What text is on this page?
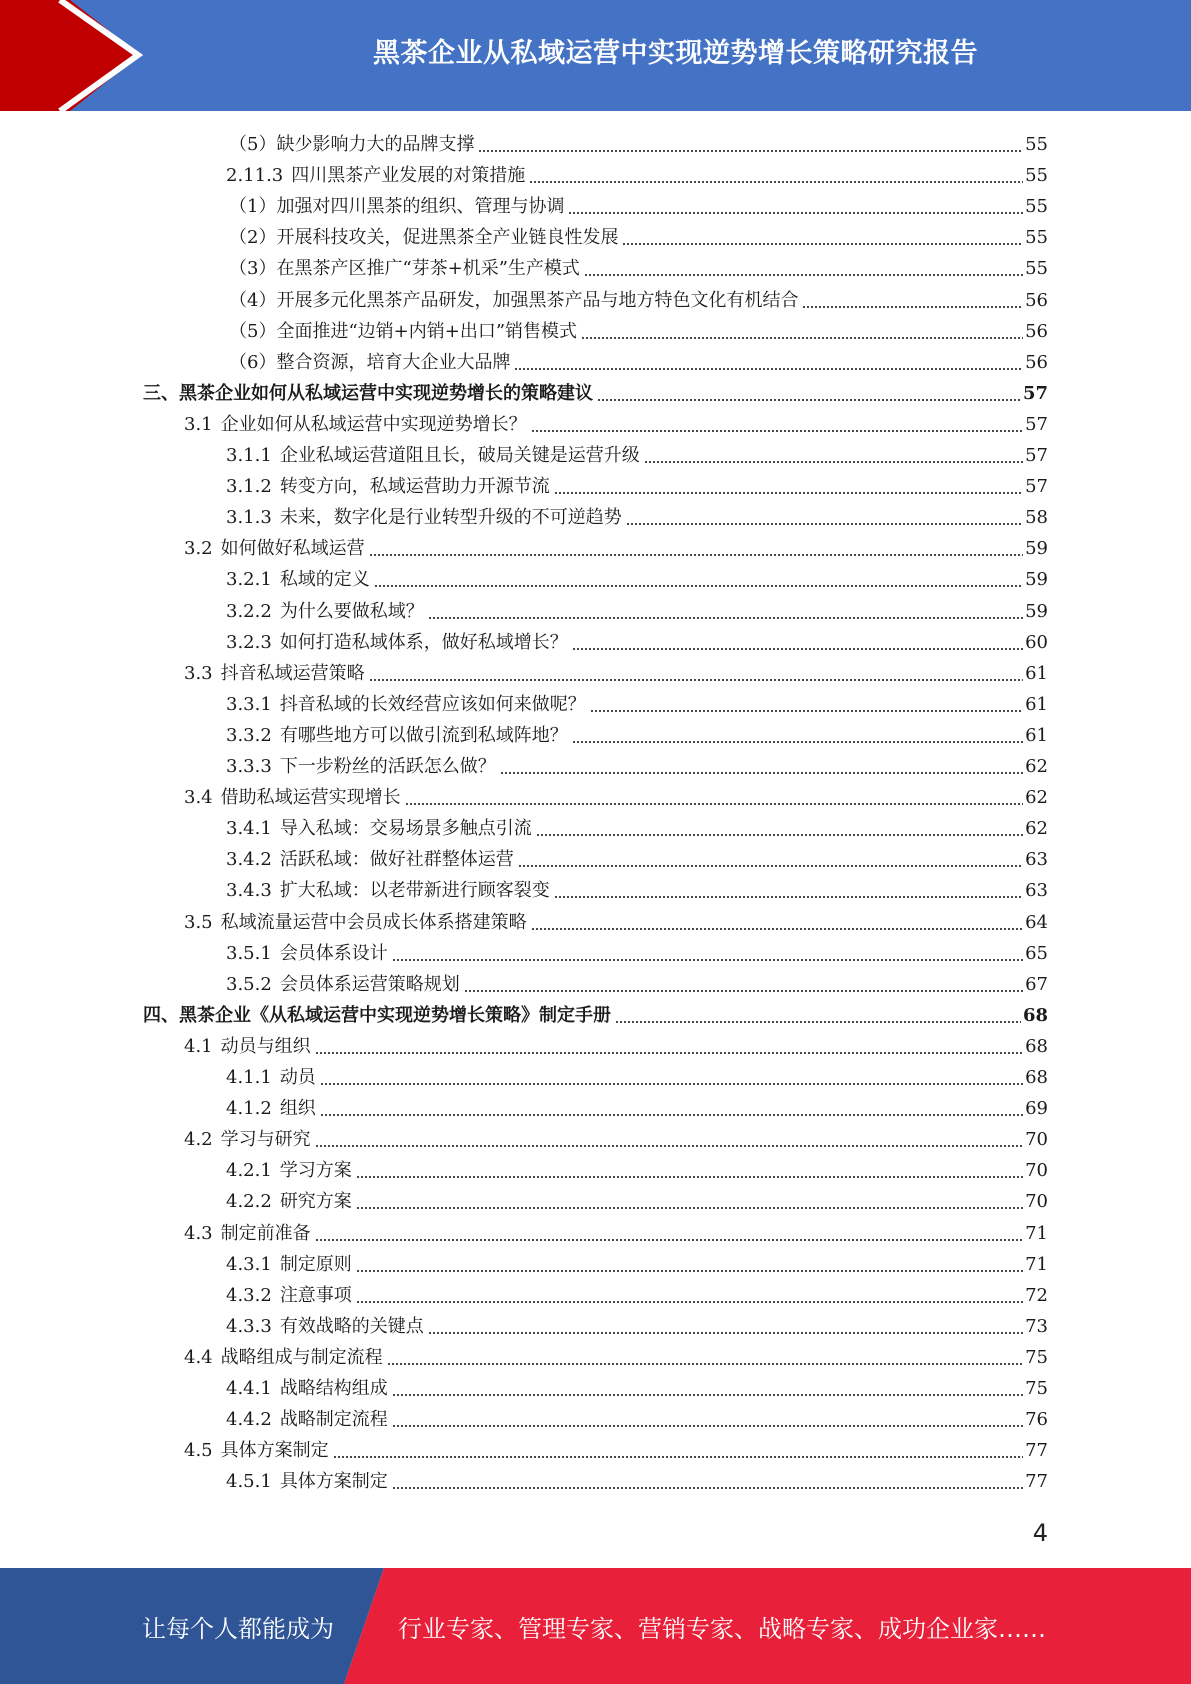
黑茶企业从私域运营中实现逆势增长策略研究报告
（5）缺少影响力大的品牌支撑	55
2.11.3 四川黑茶产业发展的对策措施	55
（1）加强对四川黑茶的组织、管理与协调	55
（2）开展科技攻关，促进黑茶全产业链良性发展	55
（3）在黑茶产区推广“芽茶+机采”生产模式	55
（4）开展多元化黑茶产品研发，加强黑茶产品与地方特色文化有机结合	56
（5）全面推进“边销+内销+出口”销售模式	56
（6）整合资源，培育大企业大品牌	56
三、黑茶企业如何从私域运营中实现逆势增长的策略建议	57
3.1 企业如何从私域运营中实现逆势增长？	57
3.1.1 企业私域运营道阻且长，破局关键是运营升级	57
3.1.2 转变方向，私域运营助力开源节流	57
3.1.3 未来，数字化是行业转型升级的不可逆趋势	58
3.2 如何做好私域运营	59
3.2.1 私域的定义	59
3.2.2 为什么要做私域？	59
3.2.3 如何打造私域体系，做好私域增长？	60
3.3 抖音私域运营策略	61
3.3.1 抖音私域的长效经营应该如何来做呢？	61
3.3.2 有哪些地方可以做引流到私域阵地？	61
3.3.3 下一步粉丝的活跃怎么做？	62
3.4 借助私域运营实现增长	62
3.4.1 导入私域：交易场景多触点引流	62
3.4.2 活跃私域：做好社群整体运营	63
3.4.3 扩大私域：以老带新进行顾客裂变	63
3.5 私域流量运营中会员成长体系搭建策略	64
3.5.1 会员体系设计	65
3.5.2 会员体系运营策略规划	67
四、黑茶企业《从私域运营中实现逆势增长策略》制定手册	68
4.1 动员与组织	68
4.1.1 动员	68
4.1.2 组织	69
4.2 学习与研究	70
4.2.1 学习方案	70
4.2.2 研究方案	70
4.3 制定前准备	71
4.3.1 制定原则	71
4.3.2 注意事项	72
4.3.3 有效战略的关键点	73
4.4 战略组成与制定流程	75
4.4.1 战略结构组成	75
4.4.2 战略制定流程	76
4.5 具体方案制定	77
4.5.1 具体方案制定	77
4
让每个人都能成为	行业专家、管理专家、营销专家、战略专家、成功企业家……
